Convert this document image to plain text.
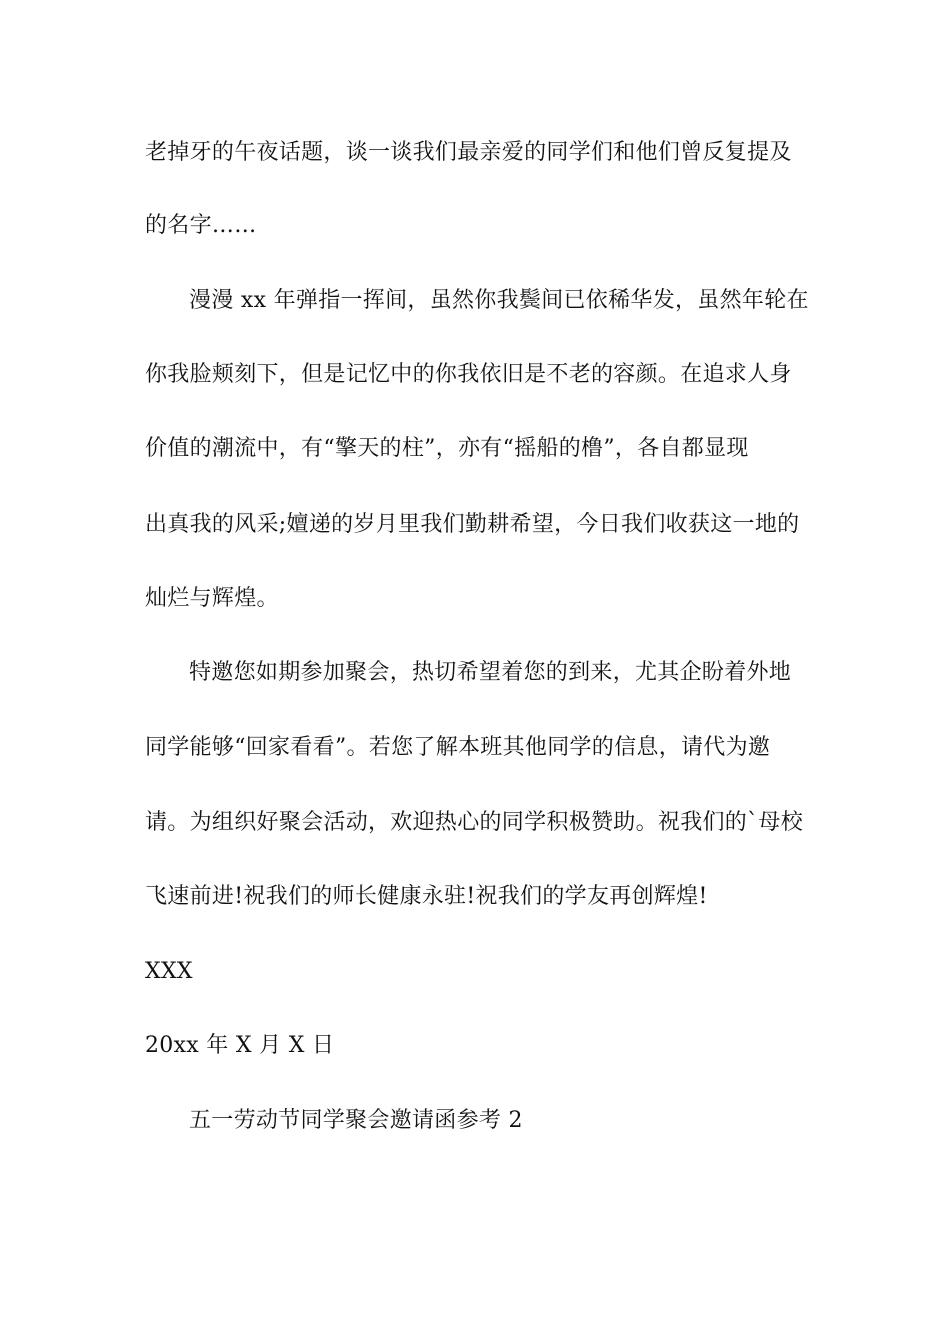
老掉牙的午夜话题，谈一谈我们最亲爱的同学们和他们曾反复提及
的名字……
漫漫 xx 年弹指一挥间，虽然你我鬓间已依稀华发，虽然年轮在
你我脸颊刻下，但是记忆中的你我依旧是不老的容颜。在追求人身
价值的潮流中，有“擎天的柱”，亦有“摇船的橹”，各自都显现
出真我的风采;嬗递的岁月里我们勤耕希望，今日我们收获这一地的
灿烂与辉煌。
特邀您如期参加聚会，热切希望着您的到来，尤其企盼着外地
同学能够“回家看看”。若您了解本班其他同学的信息，请代为邀
请。为组织好聚会活动，欢迎热心的同学积极赞助。祝我们的`母校
飞速前进!祝我们的师长健康永驻!祝我们的学友再创辉煌!
XXX
20xx 年 X 月 X 日
五一劳动节同学聚会邀请函参考 2
